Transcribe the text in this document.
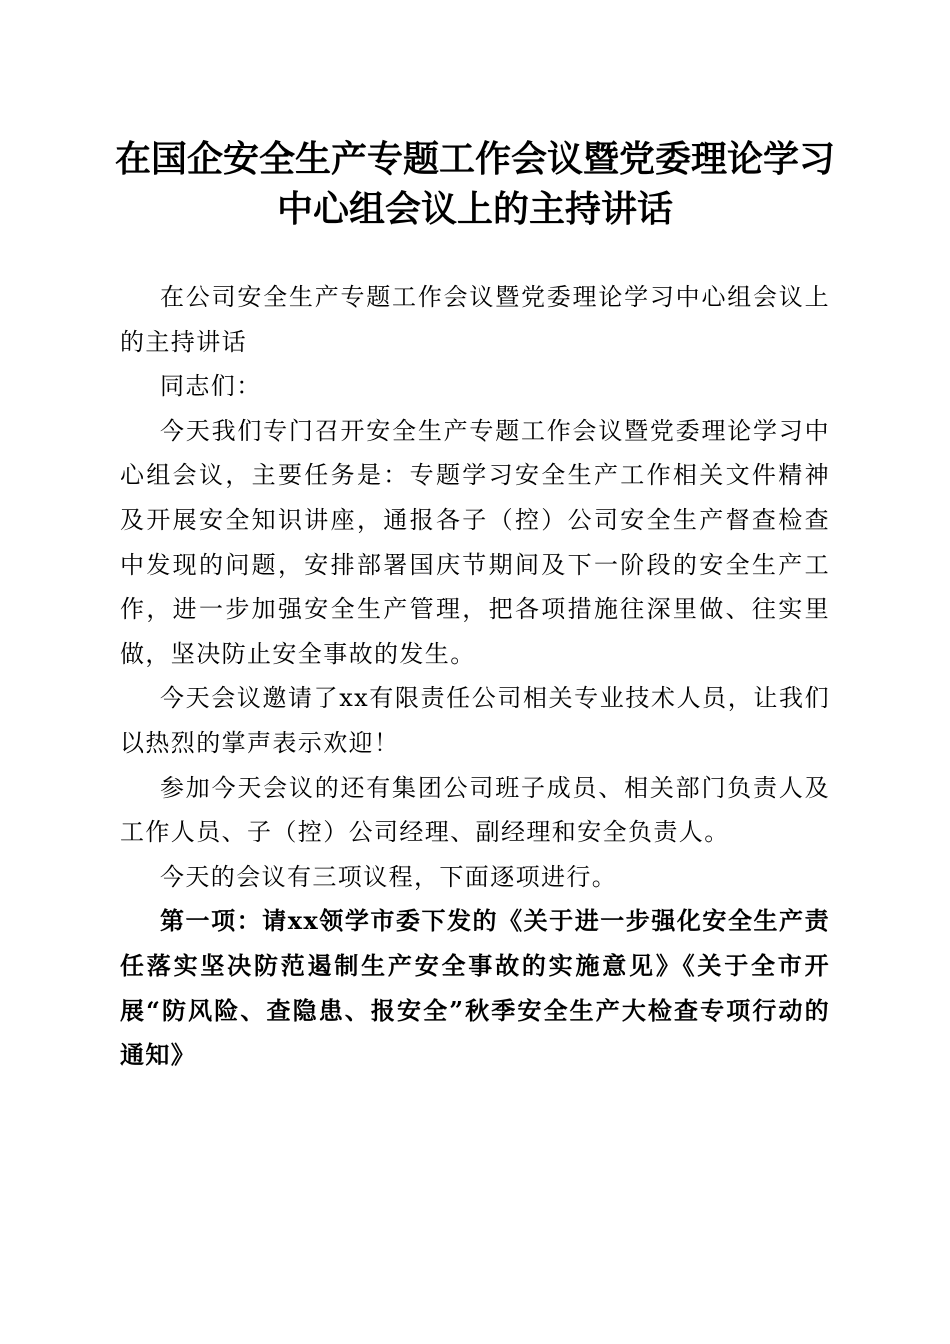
在国企安全生产专题工作会议暨党委理论学习
中心组会议上的主持讲话

在公司安全生产专题工作会议暨党委理论学习中心组会议上的主持讲话

同志们：

今天我们专门召开安全生产专题工作会议暨党委理论学习中心组会议，主要任务是：专题学习安全生产工作相关文件精神及开展安全知识讲座，通报各子（控）公司安全生产督查检查中发现的问题，安排部署国庆节期间及下一阶段的安全生产工作，进一步加强安全生产管理，把各项措施往深里做、往实里做，坚决防止安全事故的发生。

今天会议邀请了xx有限责任公司相关专业技术人员，让我们以热烈的掌声表示欢迎！

参加今天会议的还有集团公司班子成员、相关部门负责人及工作人员、子（控）公司经理、副经理和安全负责人。

今天的会议有三项议程，下面逐项进行。

第一项：请xx领学市委下发的《关于进一步强化安全生产责任落实坚决防范遏制生产安全事故的实施意见》《关于全市开展“防风险、查隐患、报安全”秋季安全生产大检查专项行动的通知》
